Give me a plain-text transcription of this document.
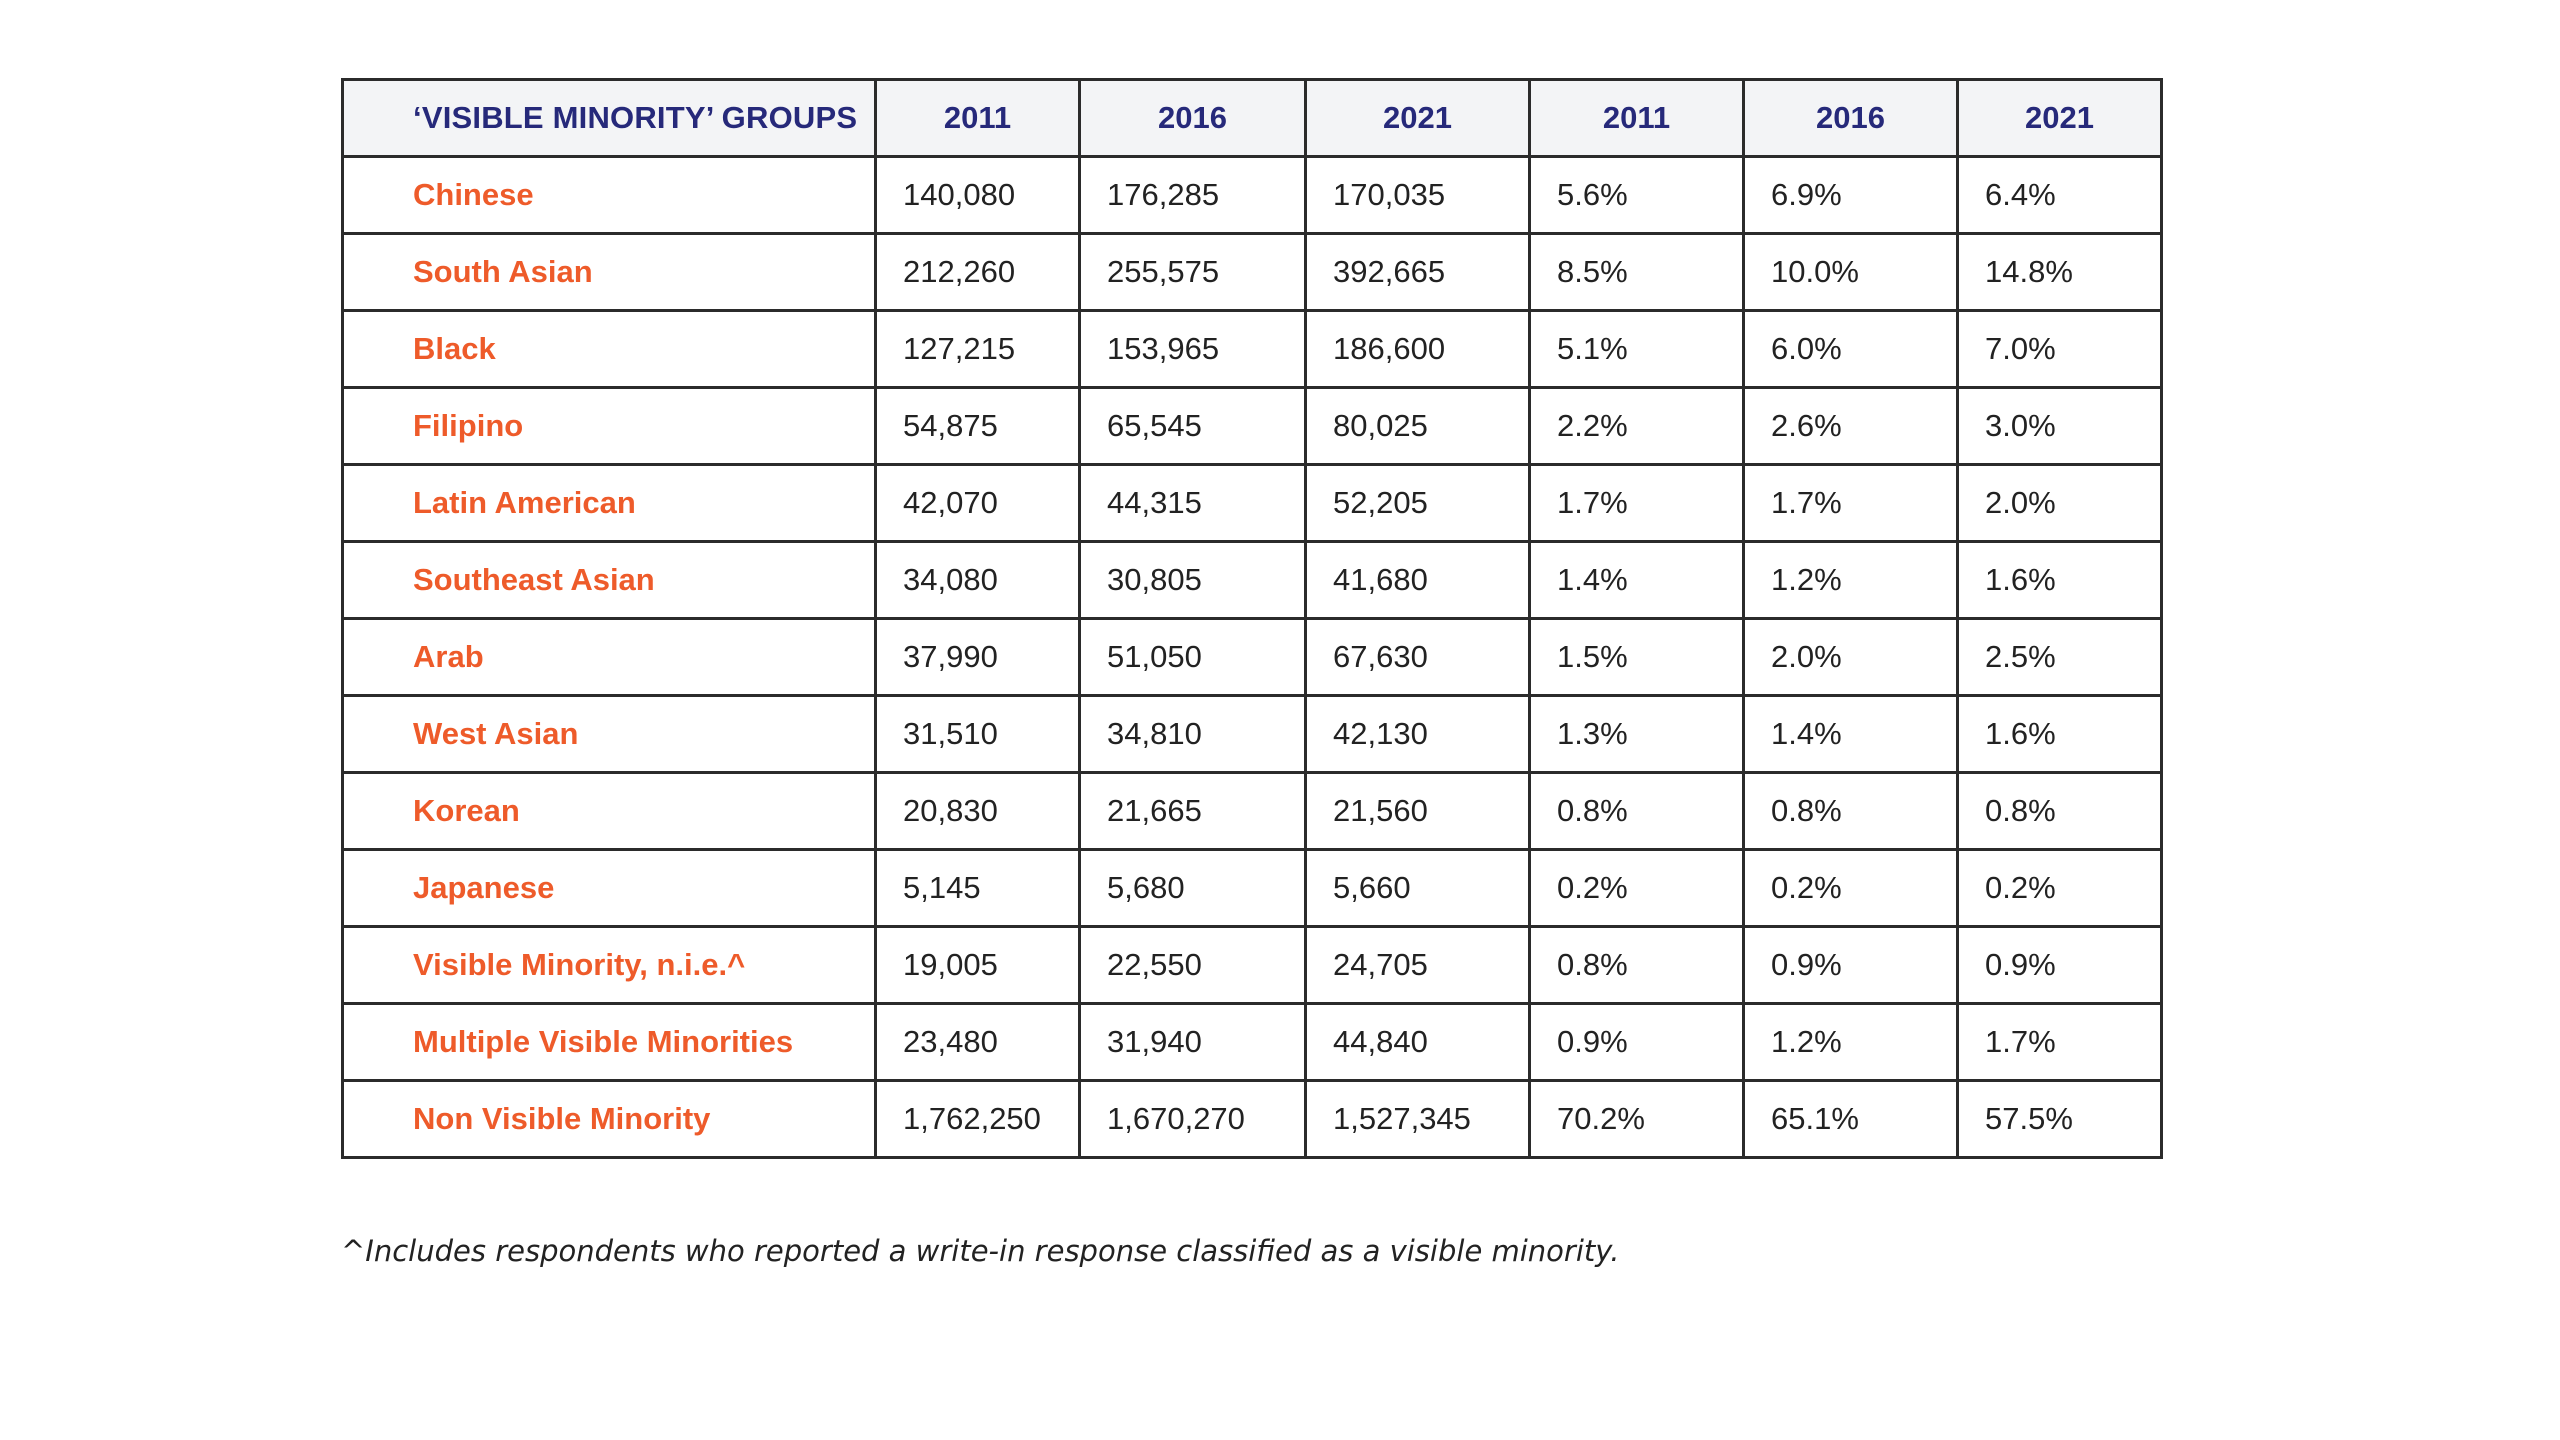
‘VISIBLE MINORITY’ GROUPS	2011	2016	2021	2011	2016	2021
Chinese	140,080	176,285	170,035	5.6%	6.9%	6.4%
South Asian	212,260	255,575	392,665	8.5%	10.0%	14.8%
Black	127,215	153,965	186,600	5.1%	6.0%	7.0%
Filipino	54,875	65,545	80,025	2.2%	2.6%	3.0%
Latin American	42,070	44,315	52,205	1.7%	1.7%	2.0%
Southeast Asian	34,080	30,805	41,680	1.4%	1.2%	1.6%
Arab	37,990	51,050	67,630	1.5%	2.0%	2.5%
West Asian	31,510	34,810	42,130	1.3%	1.4%	1.6%
Korean	20,830	21,665	21,560	0.8%	0.8%	0.8%
Japanese	5,145	5,680	5,660	0.2%	0.2%	0.2%
Visible Minority, n.i.e.^	19,005	22,550	24,705	0.8%	0.9%	0.9%
Multiple Visible Minorities	23,480	31,940	44,840	0.9%	1.2%	1.7%
Non Visible Minority	1,762,250	1,670,270	1,527,345	70.2%	65.1%	57.5%
^Includes respondents who reported a write-in response classified as a visible minority.
